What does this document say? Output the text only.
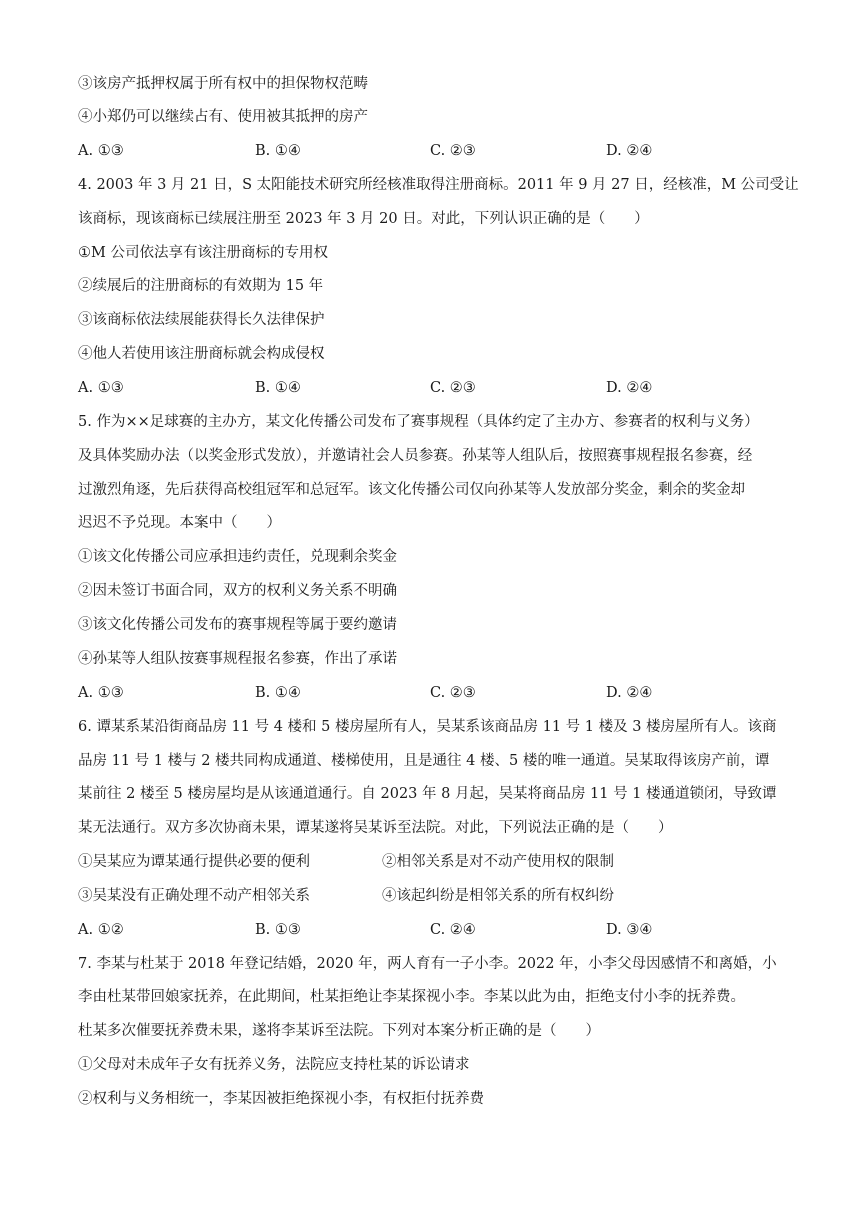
③该房产抵押权属于所有权中的担保物权范畴
④小郑仍可以继续占有、使用被其抵押的房产
A. ①③	B. ①④	C. ②③	D. ②④
4. 2003 年 3 月 21 日，S 太阳能技术研究所经核准取得注册商标。2011 年 9 月 27 日，经核准，M 公司受让
该商标，现该商标已续展注册至 2023 年 3 月 20 日。对此，下列认识正确的是（　　）
①M 公司依法享有该注册商标的专用权
②续展后的注册商标的有效期为 15 年
③该商标依法续展能获得长久法律保护
④他人若使用该注册商标就会构成侵权
A. ①③	B. ①④	C. ②③	D. ②④
5. 作为××足球赛的主办方，某文化传播公司发布了赛事规程（具体约定了主办方、参赛者的权利与义务）
及具体奖励办法（以奖金形式发放），并邀请社会人员参赛。孙某等人组队后，按照赛事规程报名参赛，经
过激烈角逐，先后获得高校组冠军和总冠军。该文化传播公司仅向孙某等人发放部分奖金，剩余的奖金却
迟迟不予兑现。本案中（　　）
①该文化传播公司应承担违约责任，兑现剩余奖金
②因未签订书面合同，双方的权利义务关系不明确
③该文化传播公司发布的赛事规程等属于要约邀请
④孙某等人组队按赛事规程报名参赛，作出了承诺
A. ①③	B. ①④	C. ②③	D. ②④
6. 谭某系某沿街商品房 11 号 4 楼和 5 楼房屋所有人，吴某系该商品房 11 号 1 楼及 3 楼房屋所有人。该商
品房 11 号 1 楼与 2 楼共同构成通道、楼梯使用，且是通往 4 楼、5 楼的唯一通道。吴某取得该房产前，谭
某前往 2 楼至 5 楼房屋均是从该通道通行。自 2023 年 8 月起，吴某将商品房 11 号 1 楼通道锁闭，导致谭
某无法通行。双方多次协商未果，谭某遂将吴某诉至法院。对此，下列说法正确的是（　　）
①吴某应为谭某通行提供必要的便利	②相邻关系是对不动产使用权的限制
③吴某没有正确处理不动产相邻关系	④该起纠纷是相邻关系的所有权纠纷
A. ①②	B. ①③	C. ②④	D. ③④
7. 李某与杜某于 2018 年登记结婚，2020 年，两人育有一子小李。2022 年，小李父母因感情不和离婚，小
李由杜某带回娘家抚养，在此期间，杜某拒绝让李某探视小李。李某以此为由，拒绝支付小李的抚养费。
杜某多次催要抚养费未果，遂将李某诉至法院。下列对本案分析正确的是（　　）
①父母对未成年子女有抚养义务，法院应支持杜某的诉讼请求
②权利与义务相统一，李某因被拒绝探视小李，有权拒付抚养费
